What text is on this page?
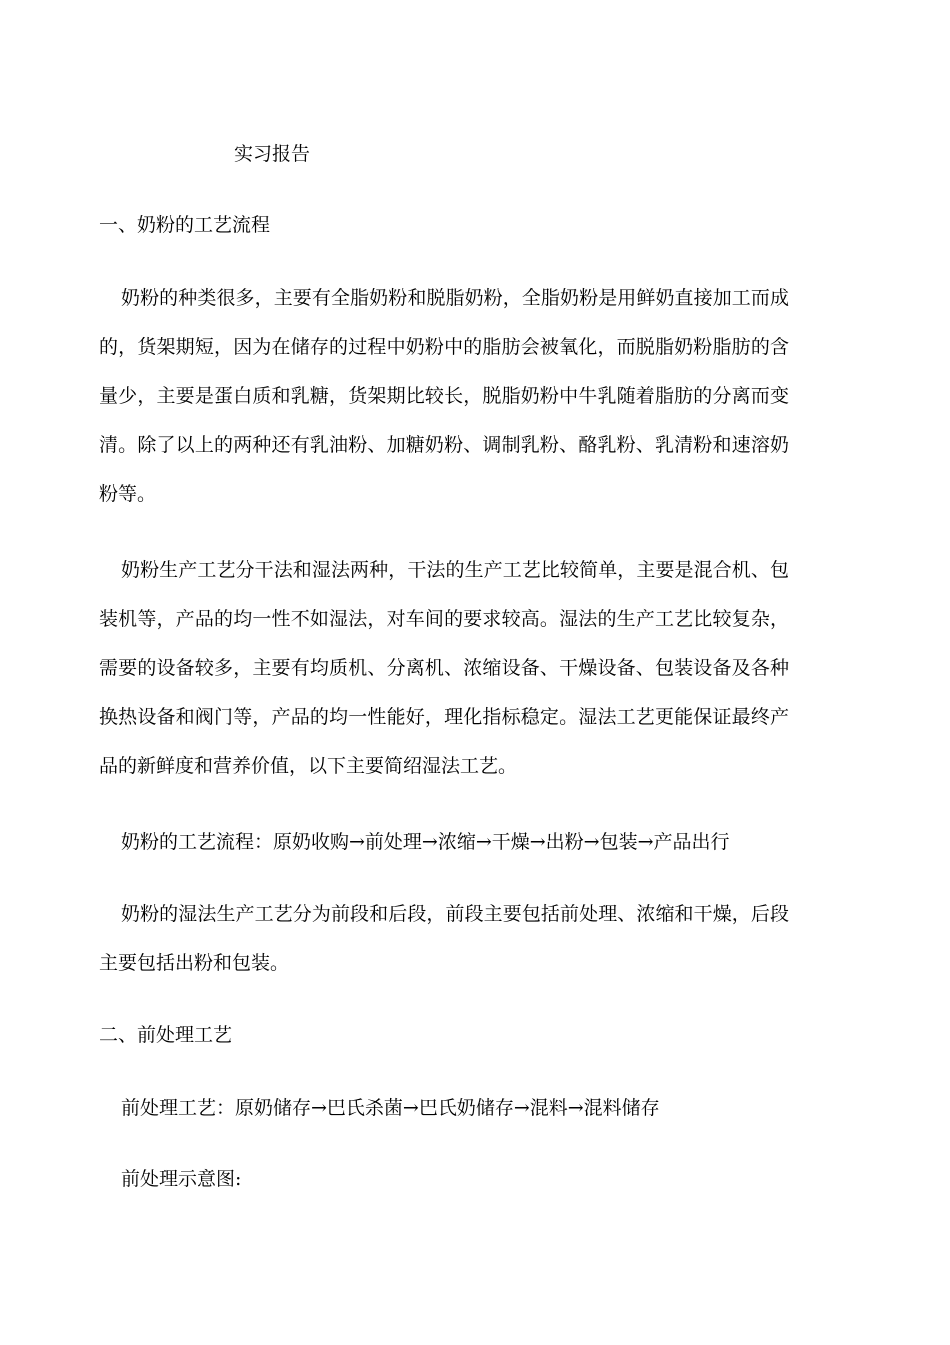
实习报告
一、奶粉的工艺流程

奶粉的种类很多，主要有全脂奶粉和脱脂奶粉，全脂奶粉是用鲜奶直接加工而成的，货架期短，因为在储存的过程中奶粉中的脂肪会被氧化，而脱脂奶粉脂肪的含量少，主要是蛋白质和乳糖，货架期比较长，脱脂奶粉中牛乳随着脂肪的分离而变清。除了以上的两种还有乳油粉、加糖奶粉、调制乳粉、酪乳粉、乳清粉和速溶奶粉等。

奶粉生产工艺分干法和湿法两种，干法的生产工艺比较简单，主要是混合机、包装机等，产品的均一性不如湿法，对车间的要求较高。湿法的生产工艺比较复杂，需要的设备较多，主要有均质机、分离机、浓缩设备、干燥设备、包装设备及各种换热设备和阀门等，产品的均一性能好，理化指标稳定。湿法工艺更能保证最终产品的新鲜度和营养价值，以下主要简绍湿法工艺。

奶粉的工艺流程：原奶收购→前处理→浓缩→干燥→出粉→包装→产品出行

奶粉的湿法生产工艺分为前段和后段，前段主要包括前处理、浓缩和干燥，后段主要包括出粉和包装。

二、前处理工艺
前处理工艺：原奶储存→巴氏杀菌→巴氏奶储存→混料→混料储存
前处理示意图:
